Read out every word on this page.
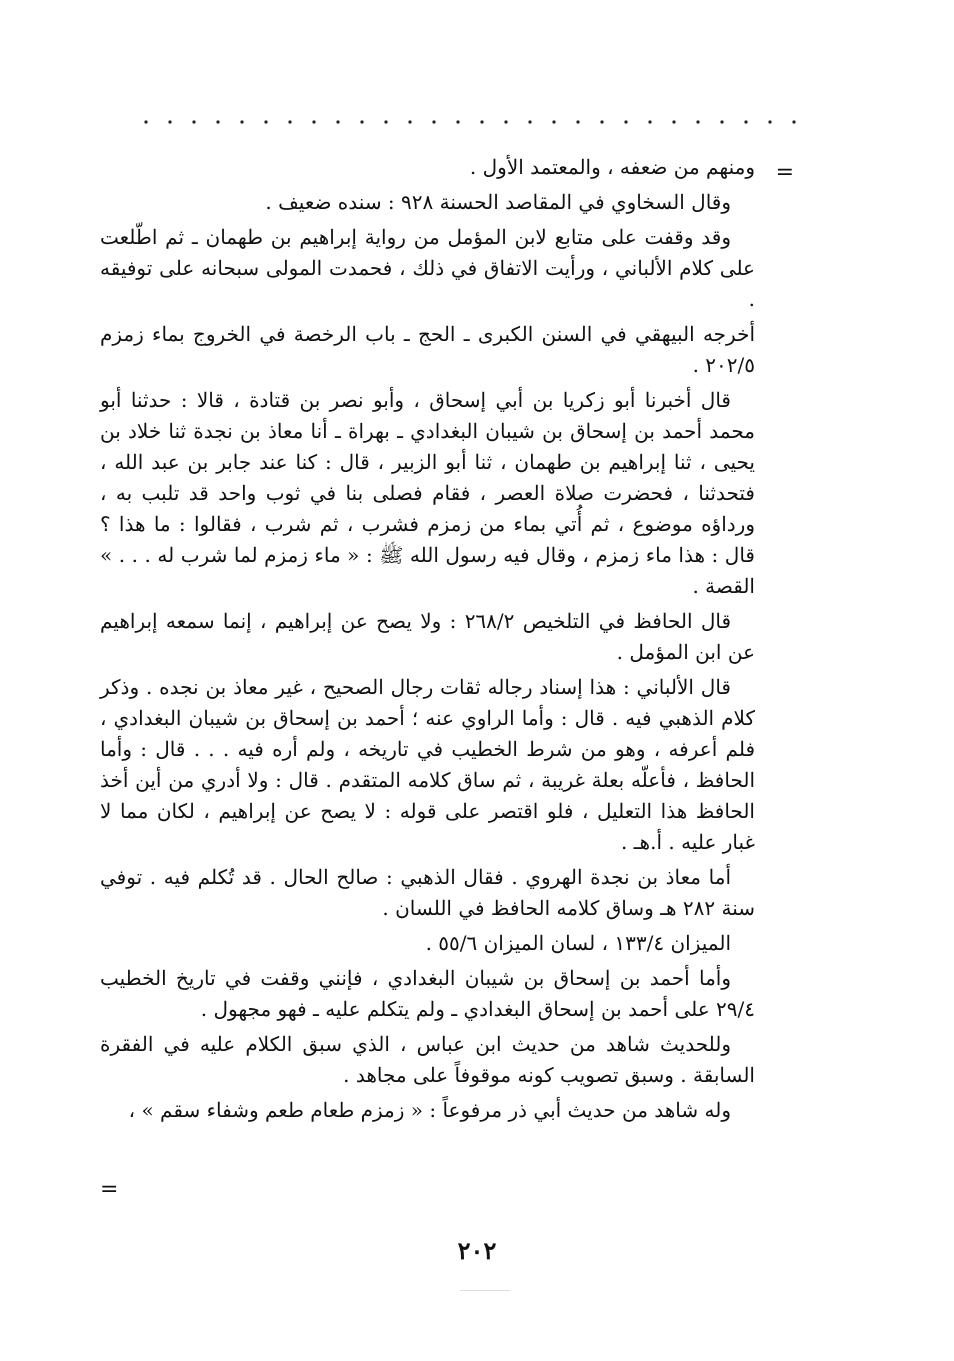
=

ومنهم من ضعفه ، والمعتمد الأول .

وقال السخاوي في المقاصد الحسنة ٩٢٨ : سنده ضعيف .

وقد وقفت على متابع لابن المؤمل من رواية إبراهيم بن طهمان ـ ثم اطّلعت على كلام الألباني ، ورأيت الاتفاق في ذلك ، فحمدت المولى سبحانه على توفيقه .

أخرجه البيهقي في السنن الكبرى ـ الحج ـ باب الرخصة في الخروج بماء زمزم ٢٠٢/٥ .

قال أخبرنا أبو زكريا بن أبي إسحاق ، وأبو نصر بن قتادة ، قالا : حدثنا أبو محمد أحمد بن إسحاق بن شيبان البغدادي ـ بهراة ـ أنا معاذ بن نجدة ثنا خلاد بن يحيى ، ثنا إبراهيم بن طهمان ، ثنا أبو الزبير ، قال : كنا عند جابر بن عبد الله ، فتحدثنا ، فحضرت صلاة العصر ، فقام فصلى بنا في ثوب واحد قد تلبب به ، ورداؤه موضوع ، ثم أُتي بماء من زمزم فشرب ، ثم شرب ، فقالوا : ما هذا ؟ قال : هذا ماء زمزم ، وقال فيه رسول الله ﷺ : « ماء زمزم لما شرب له . . . » القصة .

قال الحافظ في التلخيص ٢٦٨/٢ : ولا يصح عن إبراهيم ، إنما سمعه إبراهيم عن ابن المؤمل .

قال الألباني : هذا إسناد رجاله ثقات رجال الصحيح ، غير معاذ بن نجده . وذكر كلام الذهبي فيه . قال : وأما الراوي عنه ؛ أحمد بن إسحاق بن شيبان البغدادي ، فلم أعرفه ، وهو من شرط الخطيب في تاريخه ، ولم أره فيه . . . قال : وأما الحافظ ، فأعلّه بعلة غريبة ، ثم ساق كلامه المتقدم . قال : ولا أدري من أين أخذ الحافظ هذا التعليل ، فلو اقتصر على قوله : لا يصح عن إبراهيم ، لكان مما لا غبار عليه . أ.هـ .

أما معاذ بن نجدة الهروي . فقال الذهبي : صالح الحال . قد تُكلم فيه . توفي سنة ٢٨٢ هـ وساق كلامه الحافظ في اللسان .

الميزان ١٣٣/٤ ، لسان الميزان ٥٥/٦ .

وأما أحمد بن إسحاق بن شيبان البغدادي ، فإنني وقفت في تاريخ الخطيب ٢٩/٤ على أحمد بن إسحاق البغدادي ـ ولم يتكلم عليه ـ فهو مجهول .

وللحديث شاهد من حديث ابن عباس ، الذي سبق الكلام عليه في الفقرة السابقة . وسبق تصويب كونه موقوفاً على مجاهد .

وله شاهد من حديث أبي ذر مرفوعاً : « زمزم طعام طعم وشفاء سقم » ،

=
٢٠٢
